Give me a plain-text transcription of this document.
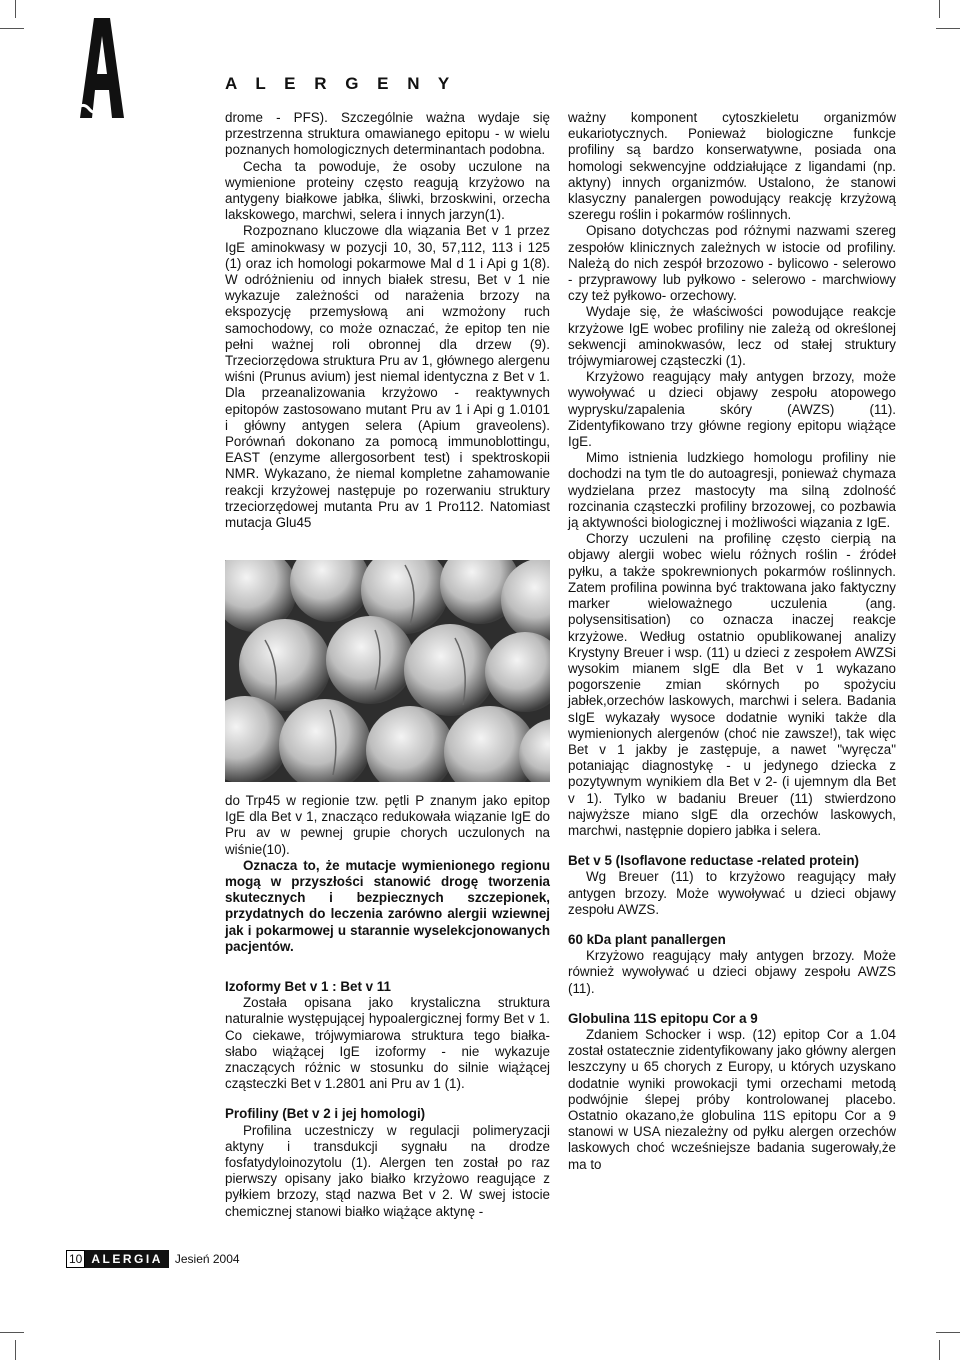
A L E R G E N Y

drome - PFS). Szczególnie ważna wydaje się przestrzenna struktura omawianego epitopu - w wielu poznanych homologicznych determinantach podobna.

Cecha ta powoduje, że osoby uczulone na wymienione proteiny często reagują krzyżowo na antygeny białkowe jabłka, śliwki, brzoskwini, orzecha lakskowego, marchwi, selera i innych jarzyn(1).

Rozpoznano kluczowe dla wiązania Bet v 1 przez IgE aminokwasy w pozycji 10, 30, 57,112, 113 i 125 (1) oraz ich homologi pokarmowe Mal d 1 i Api g 1(8). W odróżnieniu od innych białek stresu, Bet v 1 nie wykazuje zależności od narażenia brzozy na ekspozycję przemysłową ani wzmożony ruch samochodowy, co może oznaczać, że epitop ten nie pełni ważnej roli obronnej dla drzew (9). Trzeciorzędowa struktura Pru av 1, głównego alergenu wiśni (Prunus avium) jest niemal identyczna z Bet v 1. Dla przeanalizowania krzyżowo - reaktywnych epitopów zastosowano mutant Pru av 1 i Api g 1.0101 i główny antygen selera (Apium graveolens). Porównań dokonano za pomocą immunoblottingu, EAST (enzyme allergosorbent test) i spektroskopii NMR. Wykazano, że niemal kompletne zahamowanie reakcji krzyżowej następuje po rozerwaniu struktury trzeciorzędowej mutanta Pru av 1 Pro112. Natomiast mutacja Glu45

do Trp45 w regionie tzw. pętli P znanym jako epitop IgE dla Bet v 1, znacząco redukowała wiązanie IgE do Pru av w pewnej grupie chorych uczulonych na wiśnie(10).

Oznacza to, że mutacje wymienionego regionu mogą w przyszłości stanowić drogę tworzenia skutecznych i bezpiecznych szczepionek, przydatnych do leczenia zarówno alergii wziewnej jak i pokarmowej u starannie wyselekcjonowanych pacjentów.

Izoformy Bet v 1 : Bet v 11

Została opisana jako krystaliczna struktura naturalnie występującej hypoalergicznej formy Bet v 1. Co ciekawe, trójwymiarowa struktura tego białka- słabo wiążącej IgE izoformy - nie wykazuje znaczących różnic w stosunku do silnie wiążącej cząsteczki Bet v 1.2801 ani Pru av 1 (1).

Profiliny (Bet v 2 i jej homologi)

Profilina uczestniczy w regulacji polimeryzacji aktyny i transdukcji sygnału na drodze fosfatydyloinozytolu (1). Alergen ten został po raz pierwszy opisany jako białko krzyżowo reagujące z pyłkiem brzozy, stąd nazwa Bet v 2. W swej istocie chemicznej stanowi białko wiążące aktynę -

ważny komponent cytoszkieletu organizmów eukariotycznych. Ponieważ biologiczne funkcje profiliny są bardzo konserwatywne, posiada ona homologi sekwencyjne oddziałujące z ligandami (np. aktyny) innych organizmów. Ustalono, że stanowi klasyczny panalergen powodujący reakcję krzyżową szeregu roślin i pokarmów roślinnych.

Opisano dotychczas pod różnymi nazwami szereg zespołów klinicznych zależnych w istocie od profiliny. Należą do nich zespół brzozowo - bylicowo - selerowo - przyprawowy lub pyłkowo - selerowo - marchwiowy czy też pyłkowo- orzechowy.

Wydaje się, że właściwości powodujące reakcje krzyżowe IgE wobec profiliny nie zależą od określonej sekwencji aminokwasów, lecz od stałej struktury trójwymiarowej cząsteczki (1).

Krzyżowo reagujący mały antygen brzozy, może wywoływać u dzieci objawy zespołu atopowego wyprysku/zapalenia skóry (AWZS) (11). Zidentyfikowano trzy główne regiony epitopu wiążące IgE.

Mimo istnienia ludzkiego homologu profiliny nie dochodzi na tym tle do autoagresji, ponieważ chymaza wydzielana przez mastocyty ma silną zdolność rozcinania cząsteczki profiliny brzozowej, co pozbawia ją aktywności biologicznej i możliwości wiązania z IgE.

Chorzy uczuleni na profilinę często cierpią na objawy alergii wobec wielu różnych roślin - źródeł pyłku, a także spokrewnionych pokarmów roślinnych. Zatem profilina powinna być traktowana jako faktyczny marker wieloważnego uczulenia (ang. polysensitisation) co oznacza inaczej reakcje krzyżowe. Według ostatnio opublikowanej analizy Krystyny Breuer i wsp. (11) u dzieci z zespołem AWZSi wysokim mianem sIgE dla Bet v 1 wykazano pogorszenie zmian skórnych po spożyciu jabłek,orzechów laskowych, marchwi i selera. Badania sIgE wykazały wysoce dodatnie wyniki także dla wymienionych alergenów (choć nie zawsze!), tak więc Bet v 1 jakby je zastępuje, a nawet "wyręcza" potaniając diagnostykę - u jedynego dziecka z pozytywnym wynikiem dla Bet v 2- (i ujemnym dla Bet v 1). Tylko w badaniu Breuer (11) stwierdzono najwyższe miano sIgE dla orzechów laskowych, marchwi, następnie dopiero jabłka i selera.

Bet v 5 (Isoflavone reductase -related protein)

Wg Breuer (11) to krzyżowo reagujący mały antygen brzozy. Może wywoływać u dzieci objawy zespołu AWZS.

60 kDa plant panallergen

Krzyżowo reagujący mały antygen brzozy. Może również wywoływać u dzieci objawy zespołu AWZS (11).

Globulina 11S epitopu Cor a 9

Zdaniem Schocker i wsp. (12) epitop Cor a 1.04 został ostatecznie zidentyfikowany jako główny alergen leszczyny u 65 chorych z Europy, u których uzyskano dodatnie wyniki prowokacji tymi orzechami metodą podwójnie ślepej próby kontrolowanej placebo. Ostatnio okazano,że globulina 11S epitopu Cor a 9 stanowi w USA niezależny od pyłku alergen orzechów laskowych choć wcześniejsze badania sugerowały,że ma to

10 ALERGIA	Jesień 2004
